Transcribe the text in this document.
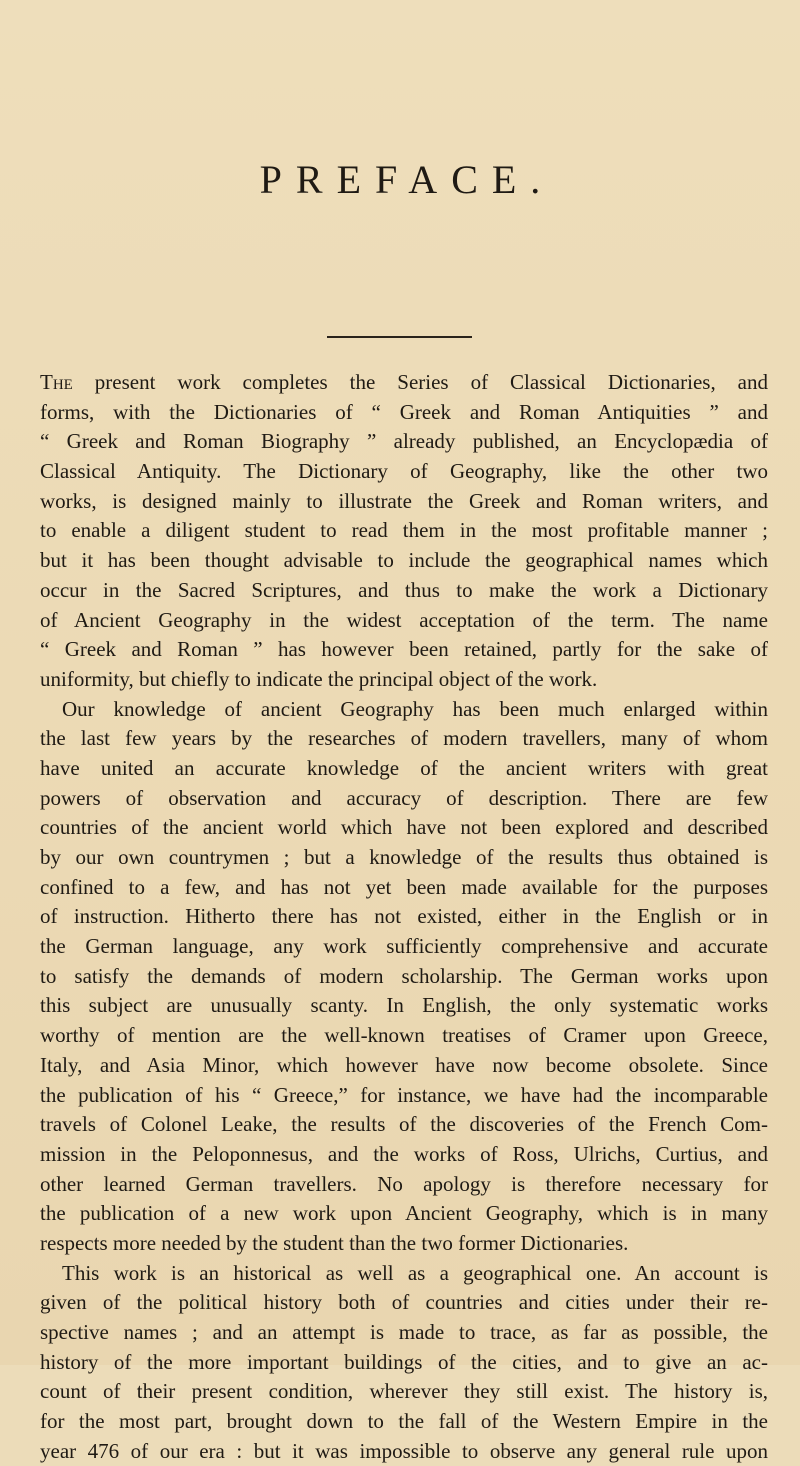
PREFACE.
The present work completes the Series of Classical Dictionaries, and
forms, with the Dictionaries of “ Greek and Roman Antiquities ” and
“ Greek and Roman Biography ” already published, an Encyclopædia of
Classical Antiquity. The Dictionary of Geography, like the other two
works, is designed mainly to illustrate the Greek and Roman writers, and
to enable a diligent student to read them in the most profitable manner ;
but it has been thought advisable to include the geographical names which
occur in the Sacred Scriptures, and thus to make the work a Dictionary
of Ancient Geography in the widest acceptation of the term. The name
“ Greek and Roman ” has however been retained, partly for the sake of
uniformity, but chiefly to indicate the principal object of the work.
Our knowledge of ancient Geography has been much enlarged within
the last few years by the researches of modern travellers, many of whom
have united an accurate knowledge of the ancient writers with great
powers of observation and accuracy of description. There are few
countries of the ancient world which have not been explored and described
by our own countrymen ; but a knowledge of the results thus obtained is
confined to a few, and has not yet been made available for the purposes
of instruction. Hitherto there has not existed, either in the English or in
the German language, any work sufficiently comprehensive and accurate
to satisfy the demands of modern scholarship. The German works upon
this subject are unusually scanty. In English, the only systematic works
worthy of mention are the well-known treatises of Cramer upon Greece,
Italy, and Asia Minor, which however have now become obsolete. Since
the publication of his “ Greece,” for instance, we have had the incomparable
travels of Colonel Leake, the results of the discoveries of the French Com-
mission in the Peloponnesus, and the works of Ross, Ulrichs, Curtius, and
other learned German travellers. No apology is therefore necessary for
the publication of a new work upon Ancient Geography, which is in many
respects more needed by the student than the two former Dictionaries.
This work is an historical as well as a geographical one. An account is
given of the political history both of countries and cities under their re-
spective names ; and an attempt is made to trace, as far as possible, the
history of the more important buildings of the cities, and to give an ac-
count of their present condition, wherever they still exist. The history is,
for the most part, brought down to the fall of the Western Empire in the
year 476 of our era : but it was impossible to observe any general rule upon
